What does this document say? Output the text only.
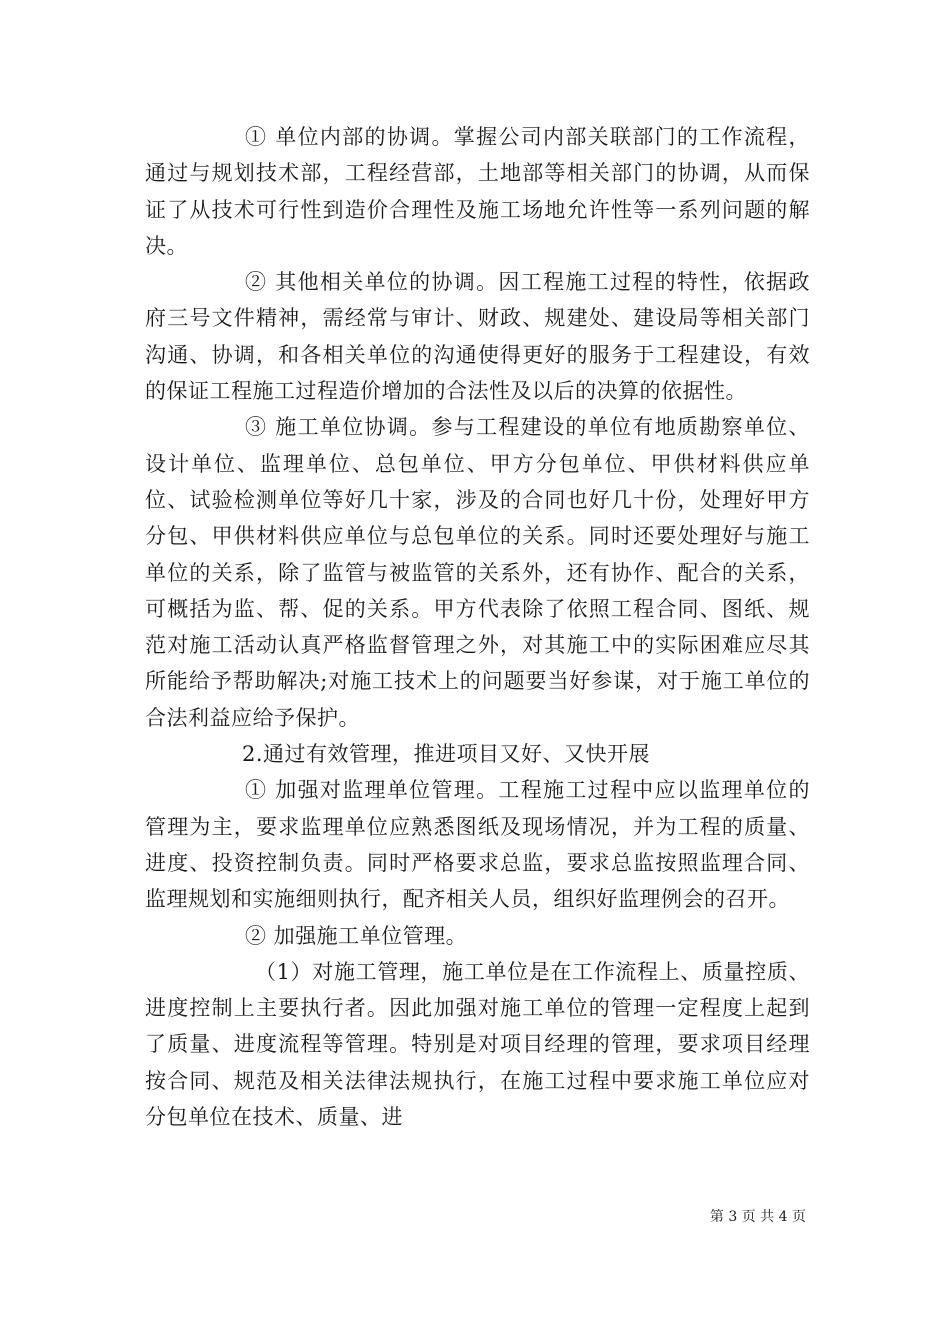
① 单位内部的协调。掌握公司内部关联部门的工作流程，通过与规划技术部，工程经营部，土地部等相关部门的协调，从而保证了从技术可行性到造价合理性及施工场地允许性等一系列问题的解决。

② 其他相关单位的协调。因工程施工过程的特性，依据政府三号文件精神，需经常与审计、财政、规建处、建设局等相关部门沟通、协调，和各相关单位的沟通使得更好的服务于工程建设，有效的保证工程施工过程造价增加的合法性及以后的决算的依据性。

③ 施工单位协调。参与工程建设的单位有地质勘察单位、设计单位、监理单位、总包单位、甲方分包单位、甲供材料供应单位、试验检测单位等好几十家，涉及的合同也好几十份，处理好甲方分包、甲供材料供应单位与总包单位的关系。同时还要处理好与施工单位的关系，除了监管与被监管的关系外，还有协作、配合的关系，可概括为监、帮、促的关系。甲方代表除了依照工程合同、图纸、规范对施工活动认真严格监督管理之外，对其施工中的实际困难应尽其所能给予帮助解决;对施工技术上的问题要当好参谋，对于施工单位的合法利益应给予保护。

2.通过有效管理，推进项目又好、又快开展

① 加强对监理单位管理。工程施工过程中应以监理单位的管理为主，要求监理单位应熟悉图纸及现场情况，并为工程的质量、进度、投资控制负责。同时严格要求总监，要求总监按照监理合同、监理规划和实施细则执行，配齐相关人员，组织好监理例会的召开。

② 加强施工单位管理。

（1）对施工管理，施工单位是在工作流程上、质量控质、进度控制上主要执行者。因此加强对施工单位的管理一定程度上起到了质量、进度流程等管理。特别是对项目经理的管理，要求项目经理按合同、规范及相关法律法规执行，在施工过程中要求施工单位应对分包单位在技术、质量、进

第 3 页 共 4 页
